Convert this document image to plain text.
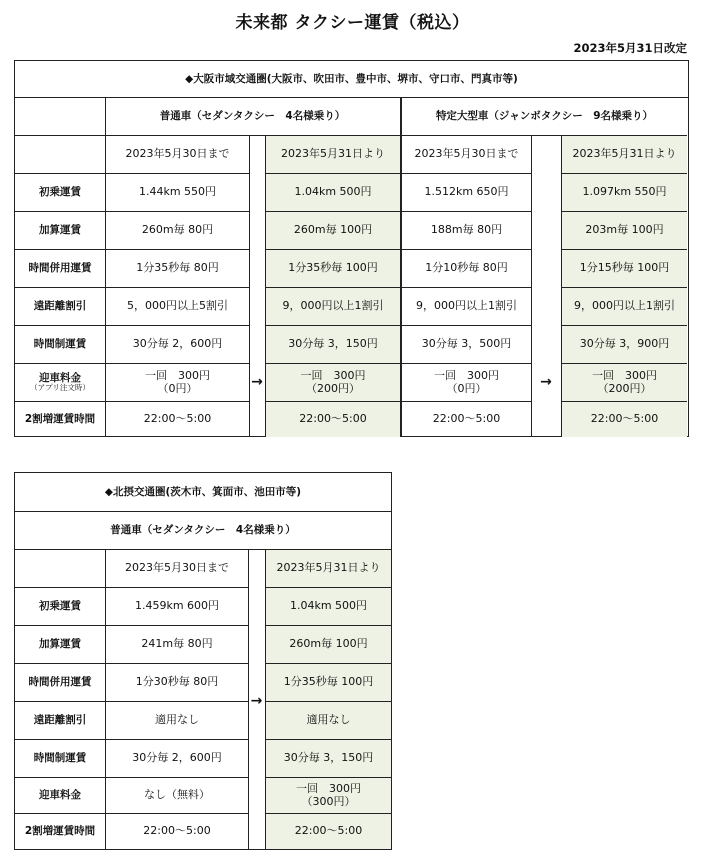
未来都 タクシー運賃（税込）
2023年5月31日改定
◆大阪市域交通圏(大阪市、吹田市、豊中市、堺市、守口市、門真市等)
普通車（セダンタクシー　4名様乗り）
初乗運賃
加算運賃
時間併用運賃
遠距離割引
時間制運賃
迎車料金
（アプリ注文時）
2割増運賃時間
2023年5月30日まで
1.44km 550円
260m毎 80円
1分35秒毎 80円
5，000円以上5割引
30分毎 2，600円
一回　300円
（0円）
22:00～5:00
→
2023年5月31日より
1.04km 500円
260m毎 100円
1分35秒毎 100円
9，000円以上1割引
30分毎 3，150円
一回　300円
（200円）
22:00～5:00
特定大型車（ジャンボタクシー　9名様乗り）
2023年5月30日まで
1.512km 650円
188m毎 80円
1分10秒毎 80円
9，000円以上1割引
30分毎 3，500円
一回　300円
（0円）
22:00～5:00
→
2023年5月31日より
1.097km 550円
203m毎 100円
1分15秒毎 100円
9，000円以上1割引
30分毎 3，900円
一回　300円
（200円）
22:00～5:00
◆北摂交通圏(茨木市、箕面市、池田市等)
普通車（セダンタクシー　4名様乗り）
初乗運賃
加算運賃
時間併用運賃
遠距離割引
時間制運賃
迎車料金
2割増運賃時間
2023年5月30日まで
1.459km 600円
241m毎 80円
1分30秒毎 80円
適用なし
30分毎 2，600円
なし（無料）
22:00～5:00
→
2023年5月31日より
1.04km 500円
260m毎 100円
1分35秒毎 100円
適用なし
30分毎 3，150円
一回　300円
（300円）
22:00～5:00
